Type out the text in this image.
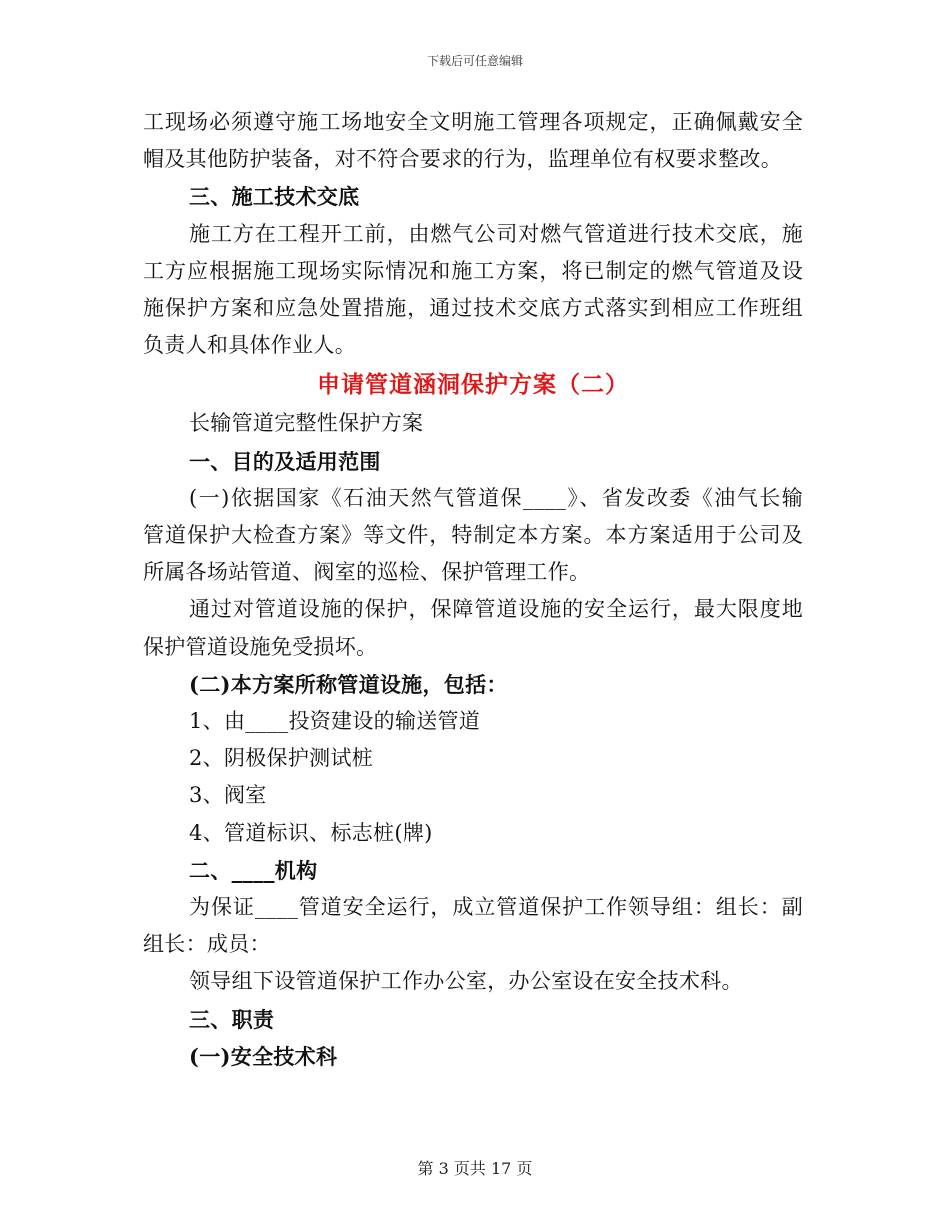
下载后可任意编辑
工现场必须遵守施工场地安全文明施工管理各项规定，正确佩戴安全
帽及其他防护装备，对不符合要求的行为，监理单位有权要求整改。
三、施工技术交底
施工方在工程开工前，由燃气公司对燃气管道进行技术交底，施
工方应根据施工现场实际情况和施工方案，将已制定的燃气管道及设
施保护方案和应急处置措施，通过技术交底方式落实到相应工作班组
负责人和具体作业人。
申请管道涵洞保护方案（二）
长输管道完整性保护方案
一、目的及适用范围
(一)依据国家《石油天然气管道保____》、省发改委《油气长输
管道保护大检查方案》等文件，特制定本方案。本方案适用于公司及
所属各场站管道、阀室的巡检、保护管理工作。
通过对管道设施的保护，保障管道设施的安全运行，最大限度地
保护管道设施免受损坏。
(二)本方案所称管道设施，包括：
1、由____投资建设的输送管道
2、阴极保护测试桩
3、阀室
4、管道标识、标志桩(牌)
二、____机构
为保证____管道安全运行，成立管道保护工作领导组：组长：副
组长：成员：
领导组下设管道保护工作办公室，办公室设在安全技术科。
三、职责
(一)安全技术科
第 3 页共 17 页
